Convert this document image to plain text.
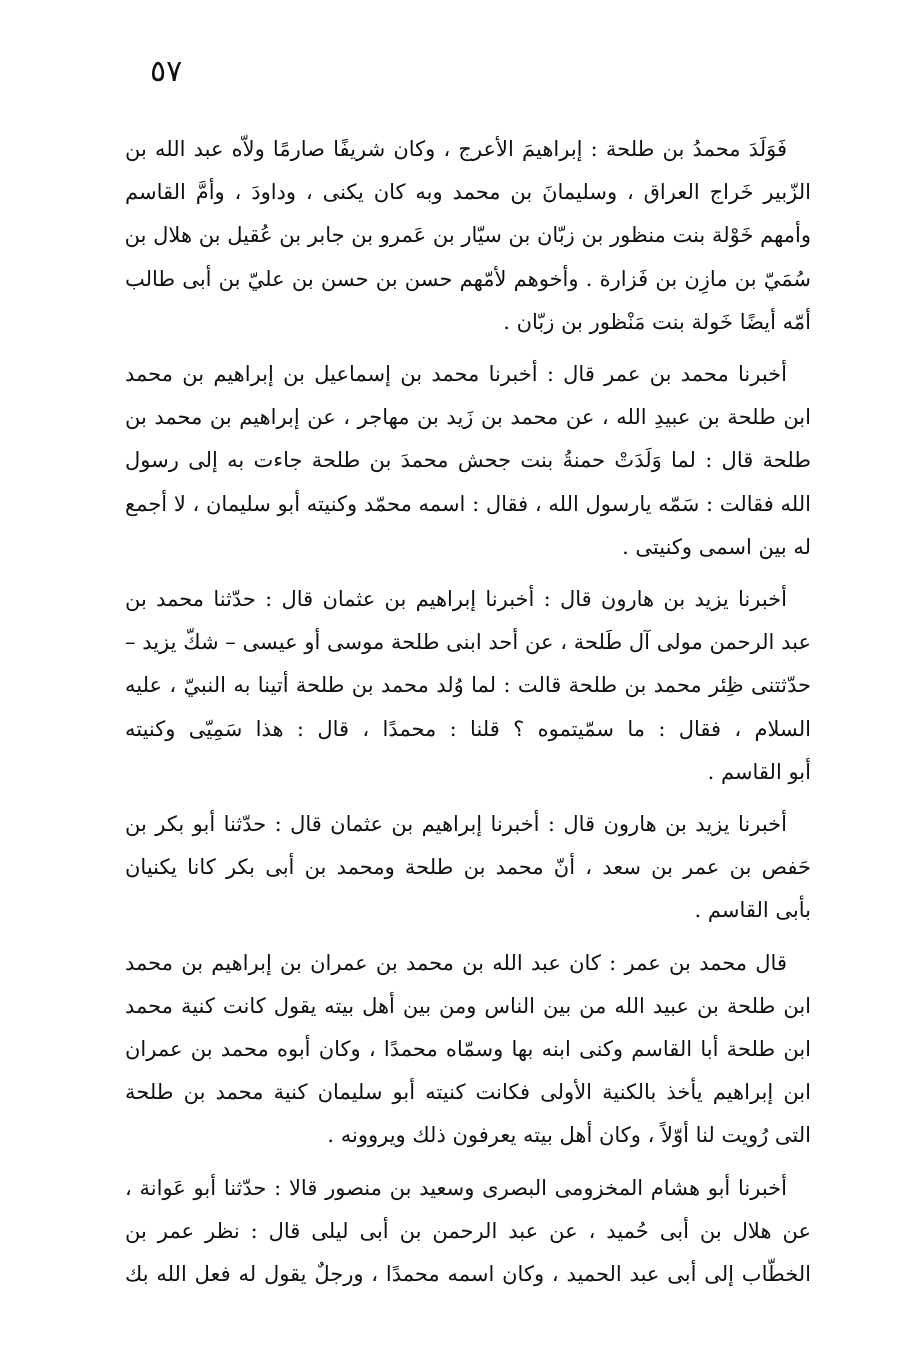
٥٧

فَوَلَدَ محمدُ بن طلحة : إبراهيمَ الأعرج ، وكان شريفًا صارمًا ولاّه عبد الله بن
الزّبير خَراج العراق ، وسليمانَ بن محمد وبه كان يكنى ، وداودَ ، وأمَّ القاسم
وأمهم خَوْلة بنت منظور بن زبّان بن سيّار بن عَمرو بن جابر بن عُقيل بن هلال بن
سُمَيّ بن مازِن بن فَزارة . وأخوهم لأمّهم حسن بن حسن بن عليّ بن أبى طالب
أمّه أيضًا خَولة بنت مَنْظور بن زبّان .

أخبرنا محمد بن عمر قال : أخبرنا محمد بن إسماعيل بن إبراهيم بن محمد
ابن طلحة بن عبيدِ الله ، عن محمد بن زَيد بن مهاجر ، عن إبراهيم بن محمد بن
طلحة قال : لما وَلَدَتْ حمنةُ بنت جحش محمدَ بن طلحة جاءت به إلى رسول
الله فقالت : سَمّه يارسول الله ، فقال : اسمه محمّد وكنيته أبو سليمان ، لا أجمع
له بين اسمى وكنيتى .

أخبرنا يزيد بن هارون قال : أخبرنا إبراهيم بن عثمان قال : حدّثنا محمد بن
عبد الرحمن مولى آل طَلحة ، عن أحد ابنى طلحة موسى أو عيسى – شكّ يزيد –
حدّثتنى ظِئر محمد بن طلحة قالت : لما وُلد محمد بن طلحة أتينا به النبيّ ، عليه
السلام ، فقال : ما سمّيتموه ؟ قلنا : محمدًا ، قال : هذا سَمِيّى وكنيته
أبو القاسم .

أخبرنا يزيد بن هارون قال : أخبرنا إبراهيم بن عثمان قال : حدّثنا أبو بكر بن
حَفص بن عمر بن سعد ، أنّ محمد بن طلحة ومحمد بن أبى بكر كانا يكنيان
بأبى القاسم .

قال محمد بن عمر : كان عبد الله بن محمد بن عمران بن إبراهيم بن محمد
ابن طلحة بن عبيد الله من بين الناس ومن بين أهل بيته يقول كانت كنية محمد
ابن طلحة أبا القاسم وكنى ابنه بها وسمّاه محمدًا ، وكان أبوه محمد بن عمران
ابن إبراهيم يأخذ بالكنية الأولى فكانت كنيته أبو سليمان كنية محمد بن طلحة
التى رُويت لنا أوّلاً ، وكان أهل بيته يعرفون ذلك ويروونه .

أخبرنا أبو هشام المخزومى البصرى وسعيد بن منصور قالا : حدّثنا أبو عَوانة ،
عن هلال بن أبى حُميد ، عن عبد الرحمن بن أبى ليلى قال : نظر عمر بن
الخطّاب إلى أبى عبد الحميد ، وكان اسمه محمدًا ، ورجلٌ يقول له فعل الله بك
